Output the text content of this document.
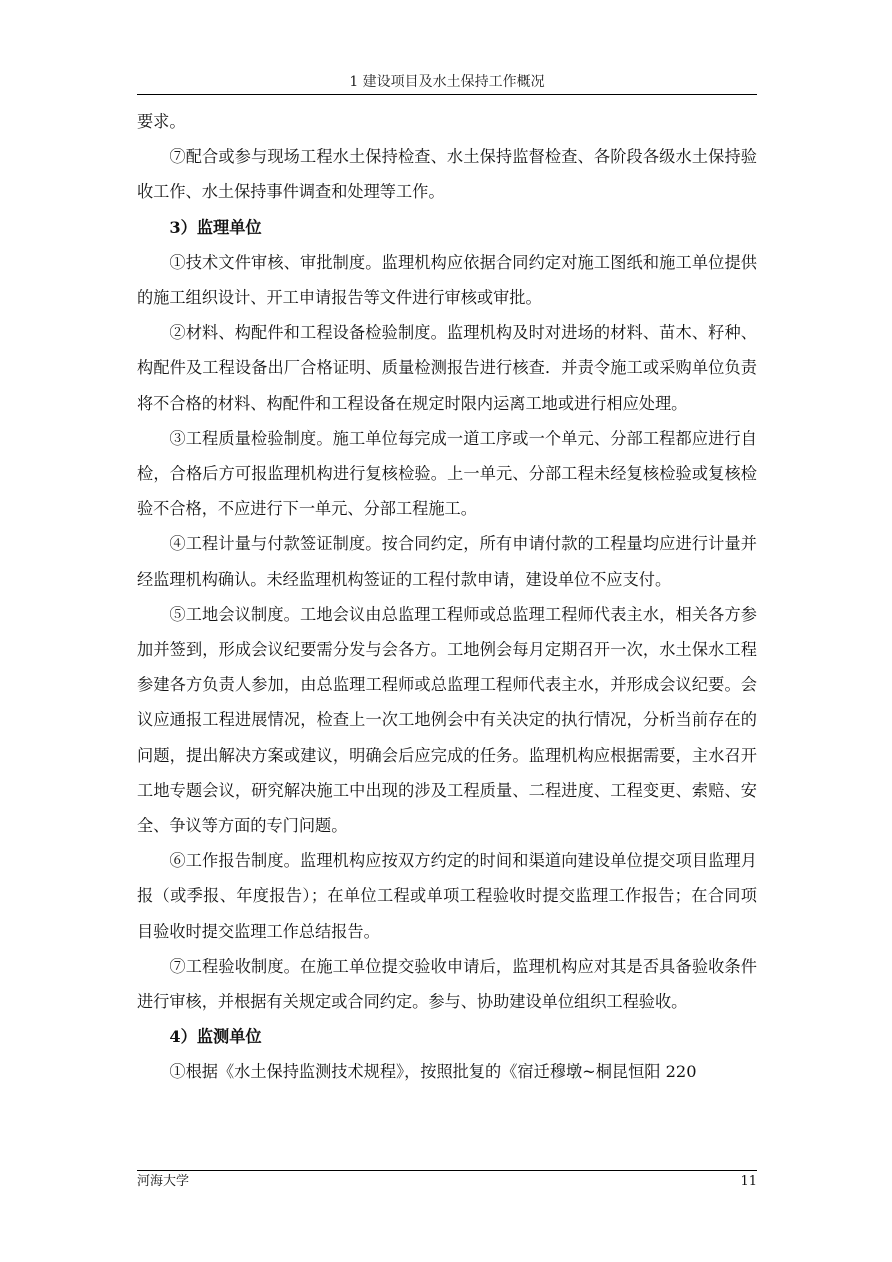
1 建设项目及水土保持工作概况

要求。

⑦配合或参与现场工程水土保持检查、水土保持监督检查、各阶段各级水土保持验收工作、水土保持事件调查和处理等工作。

3）监理单位

①技术文件审核、审批制度。监理机构应依据合同约定对施工图纸和施工单位提供的施工组织设计、开工申请报告等文件进行审核或审批。

②材料、构配件和工程设备检验制度。监理机构及时对进场的材料、苗木、籽种、构配件及工程设备出厂合格证明、质量检测报告进行核查．并责令施工或采购单位负责将不合格的材料、构配件和工程设备在规定时限内运离工地或进行相应处理。

③工程质量检验制度。施工单位每完成一道工序或一个单元、分部工程都应进行自检，合格后方可报监理机构进行复核检验。上一单元、分部工程未经复核检验或复核检验不合格，不应进行下一单元、分部工程施工。

④工程计量与付款签证制度。按合同约定，所有申请付款的工程量均应进行计量并经监理机构确认。未经监理机构签证的工程付款申请，建设单位不应支付。

⑤工地会议制度。工地会议由总监理工程师或总监理工程师代表主水，相关各方参加并签到，形成会议纪要需分发与会各方。工地例会每月定期召开一次，水土保水工程参建各方负责人参加，由总监理工程师或总监理工程师代表主水，并形成会议纪要。会议应通报工程进展情况，检查上一次工地例会中有关决定的执行情况，分析当前存在的问题，提出解决方案或建议，明确会后应完成的任务。监理机构应根据需要，主水召开工地专题会议，研究解决施工中出现的涉及工程质量、二程进度、工程变更、索赔、安全、争议等方面的专门问题。

⑥工作报告制度。监理机构应按双方约定的时间和渠道向建设单位提交项目监理月报（或季报、年度报告）；在单位工程或单项工程验收时提交监理工作报告；在合同项目验收时提交监理工作总结报告。

⑦工程验收制度。在施工单位提交验收申请后，监理机构应对其是否具备验收条件进行审核，并根据有关规定或合同约定。参与、协助建设单位组织工程验收。

4）监测单位

①根据《水土保持监测技术规程》，按照批复的《宿迁穆墩~桐昆恒阳 220

河海大学	11
